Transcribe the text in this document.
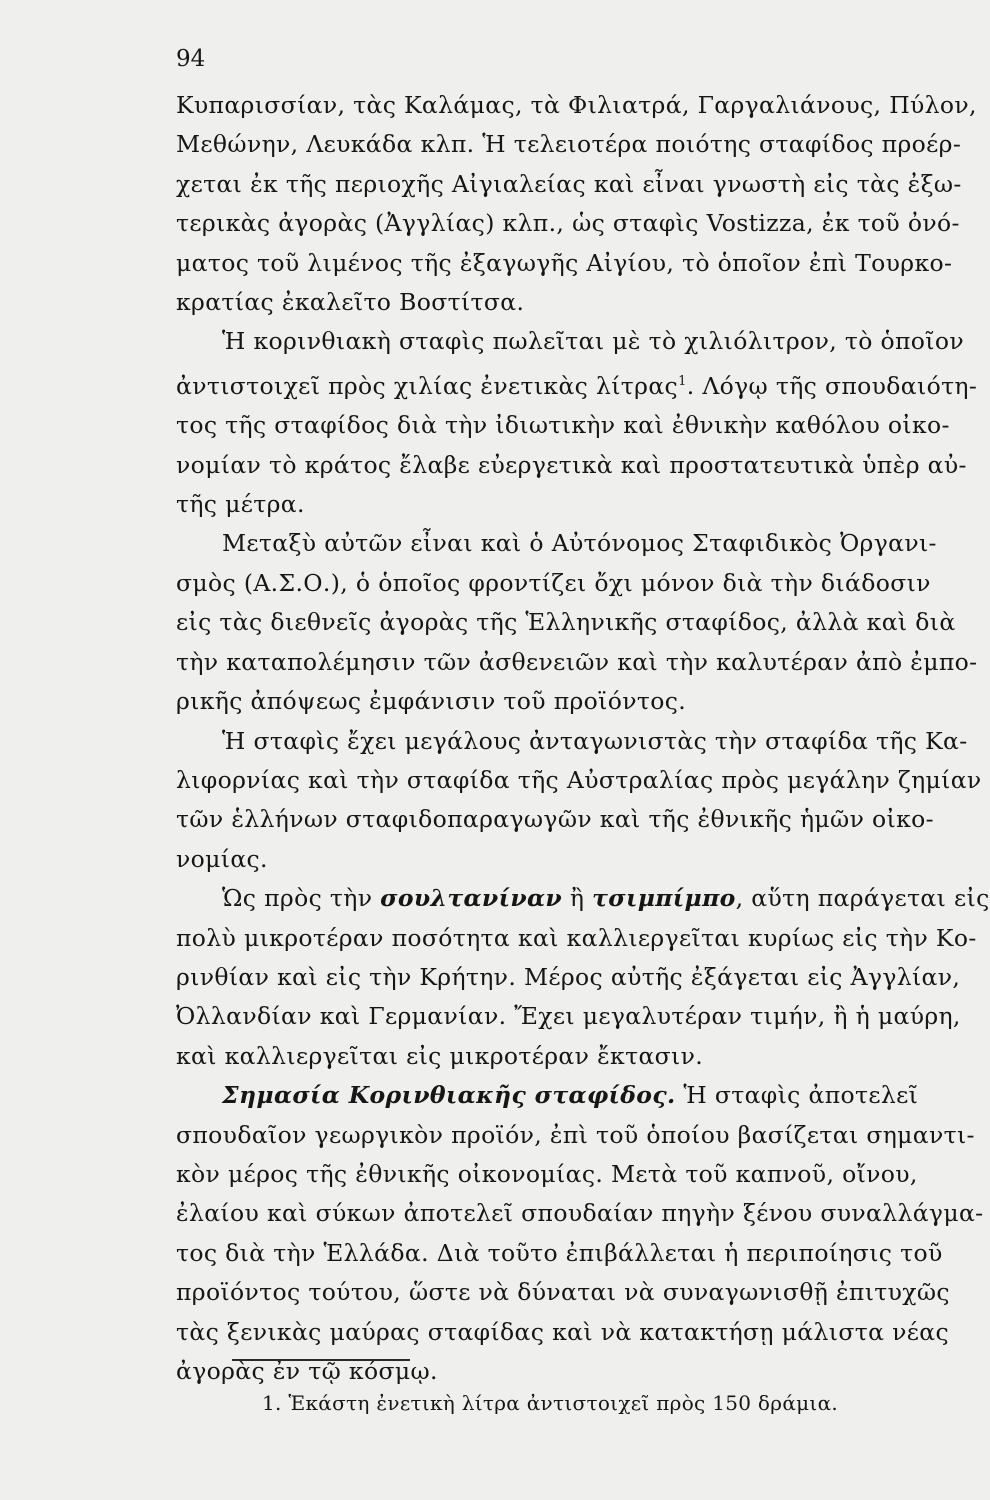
94
Κυπαρισσίαν, τὰς Καλάμας, τὰ Φιλιατρά, Γαργαλιάνους, Πύλον,
Μεθώνην, Λευκάδα κλπ. Ἡ τελειοτέρα ποιότης σταφίδος προέρ-
χεται ἐκ τῆς περιοχῆς Αἰγιαλείας καὶ εἶναι γνωστὴ εἰς τὰς ἐξω-
τερικὰς ἀγορὰς (Ἀγγλίας) κλπ., ὡς σταφὶς Vostizza, ἐκ τοῦ ὀνό-
ματος τοῦ λιμένος τῆς ἐξαγωγῆς Αἰγίου, τὸ ὁποῖον ἐπὶ Τουρκο-
κρατίας ἐκαλεῖτο Βοστίτσα.
Ἡ κορινθιακὴ σταφὶς πωλεῖται μὲ τὸ χιλιόλιτρον, τὸ ὁποῖον
ἀντιστοιχεῖ πρὸς χιλίας ἐνετικὰς λίτρας$^1$. Λόγῳ τῆς σπουδαιότη-
τος τῆς σταφίδος διὰ τὴν ἰδιωτικὴν καὶ ἐθνικὴν καθόλου οἰκο-
νομίαν τὸ κράτος ἔλαβε εὐεργετικὰ καὶ προστατευτικὰ ὑπὲρ αὐ-
τῆς μέτρα.
Μεταξὺ αὐτῶν εἶναι καὶ ὁ Αὐτόνομος Σταφιδικὸς Ὀργανι-
σμὸς (Α.Σ.Ο.), ὁ ὁποῖος φροντίζει ὄχι μόνον διὰ τὴν διάδοσιν
εἰς τὰς διεθνεῖς ἀγορὰς τῆς Ἑλληνικῆς σταφίδος, ἀλλὰ καὶ διὰ
τὴν καταπολέμησιν τῶν ἀσθενειῶν καὶ τὴν καλυτέραν ἀπὸ ἐμπο-
ρικῆς ἀπόψεως ἐμφάνισιν τοῦ προϊόντος.
Ἡ σταφὶς ἔχει μεγάλους ἀνταγωνιστὰς τὴν σταφίδα τῆς Κα-
λιφορνίας καὶ τὴν σταφίδα τῆς Αὐστραλίας πρὸς μεγάλην ζημίαν
τῶν ἑλλήνων σταφιδοπαραγωγῶν καὶ τῆς ἐθνικῆς ἡμῶν οἰκο-
νομίας.
Ὡς πρὸς τὴν σουλτανίναν ἢ τσιμπίμπο, αὕτη παράγεται εἰς
πολὺ μικροτέραν ποσότητα καὶ καλλιεργεῖται κυρίως εἰς τὴν Κο-
ρινθίαν καὶ εἰς τὴν Κρήτην. Μέρος αὐτῆς ἐξάγεται εἰς Ἀγγλίαν,
Ὀλλανδίαν καὶ Γερμανίαν. Ἔχει μεγαλυτέραν τιμήν, ἢ ἡ μαύρη,
καὶ καλλιεργεῖται εἰς μικροτέραν ἔκτασιν.
Σημασία Κορινθιακῆς σταφίδος. Ἡ σταφὶς ἀποτελεῖ
σπουδαῖον γεωργικὸν προϊόν, ἐπὶ τοῦ ὁποίου βασίζεται σημαντι-
κὸν μέρος τῆς ἐθνικῆς οἰκονομίας. Μετὰ τοῦ καπνοῦ, οἴνου,
ἐλαίου καὶ σύκων ἀποτελεῖ σπουδαίαν πηγὴν ξένου συναλλάγμα-
τος διὰ τὴν Ἑλλάδα. Διὰ τοῦτο ἐπιβάλλεται ἡ περιποίησις τοῦ
προϊόντος τούτου, ὥστε νὰ δύναται νὰ συναγωνισθῇ ἐπιτυχῶς
τὰς ξενικὰς μαύρας σταφίδας καὶ νὰ κατακτήσῃ μάλιστα νέας
ἀγορὰς ἐν τῷ κόσμῳ.
1. Ἑκάστη ἐνετικὴ λίτρα ἀντιστοιχεῖ πρὸς 150 δράμια.
